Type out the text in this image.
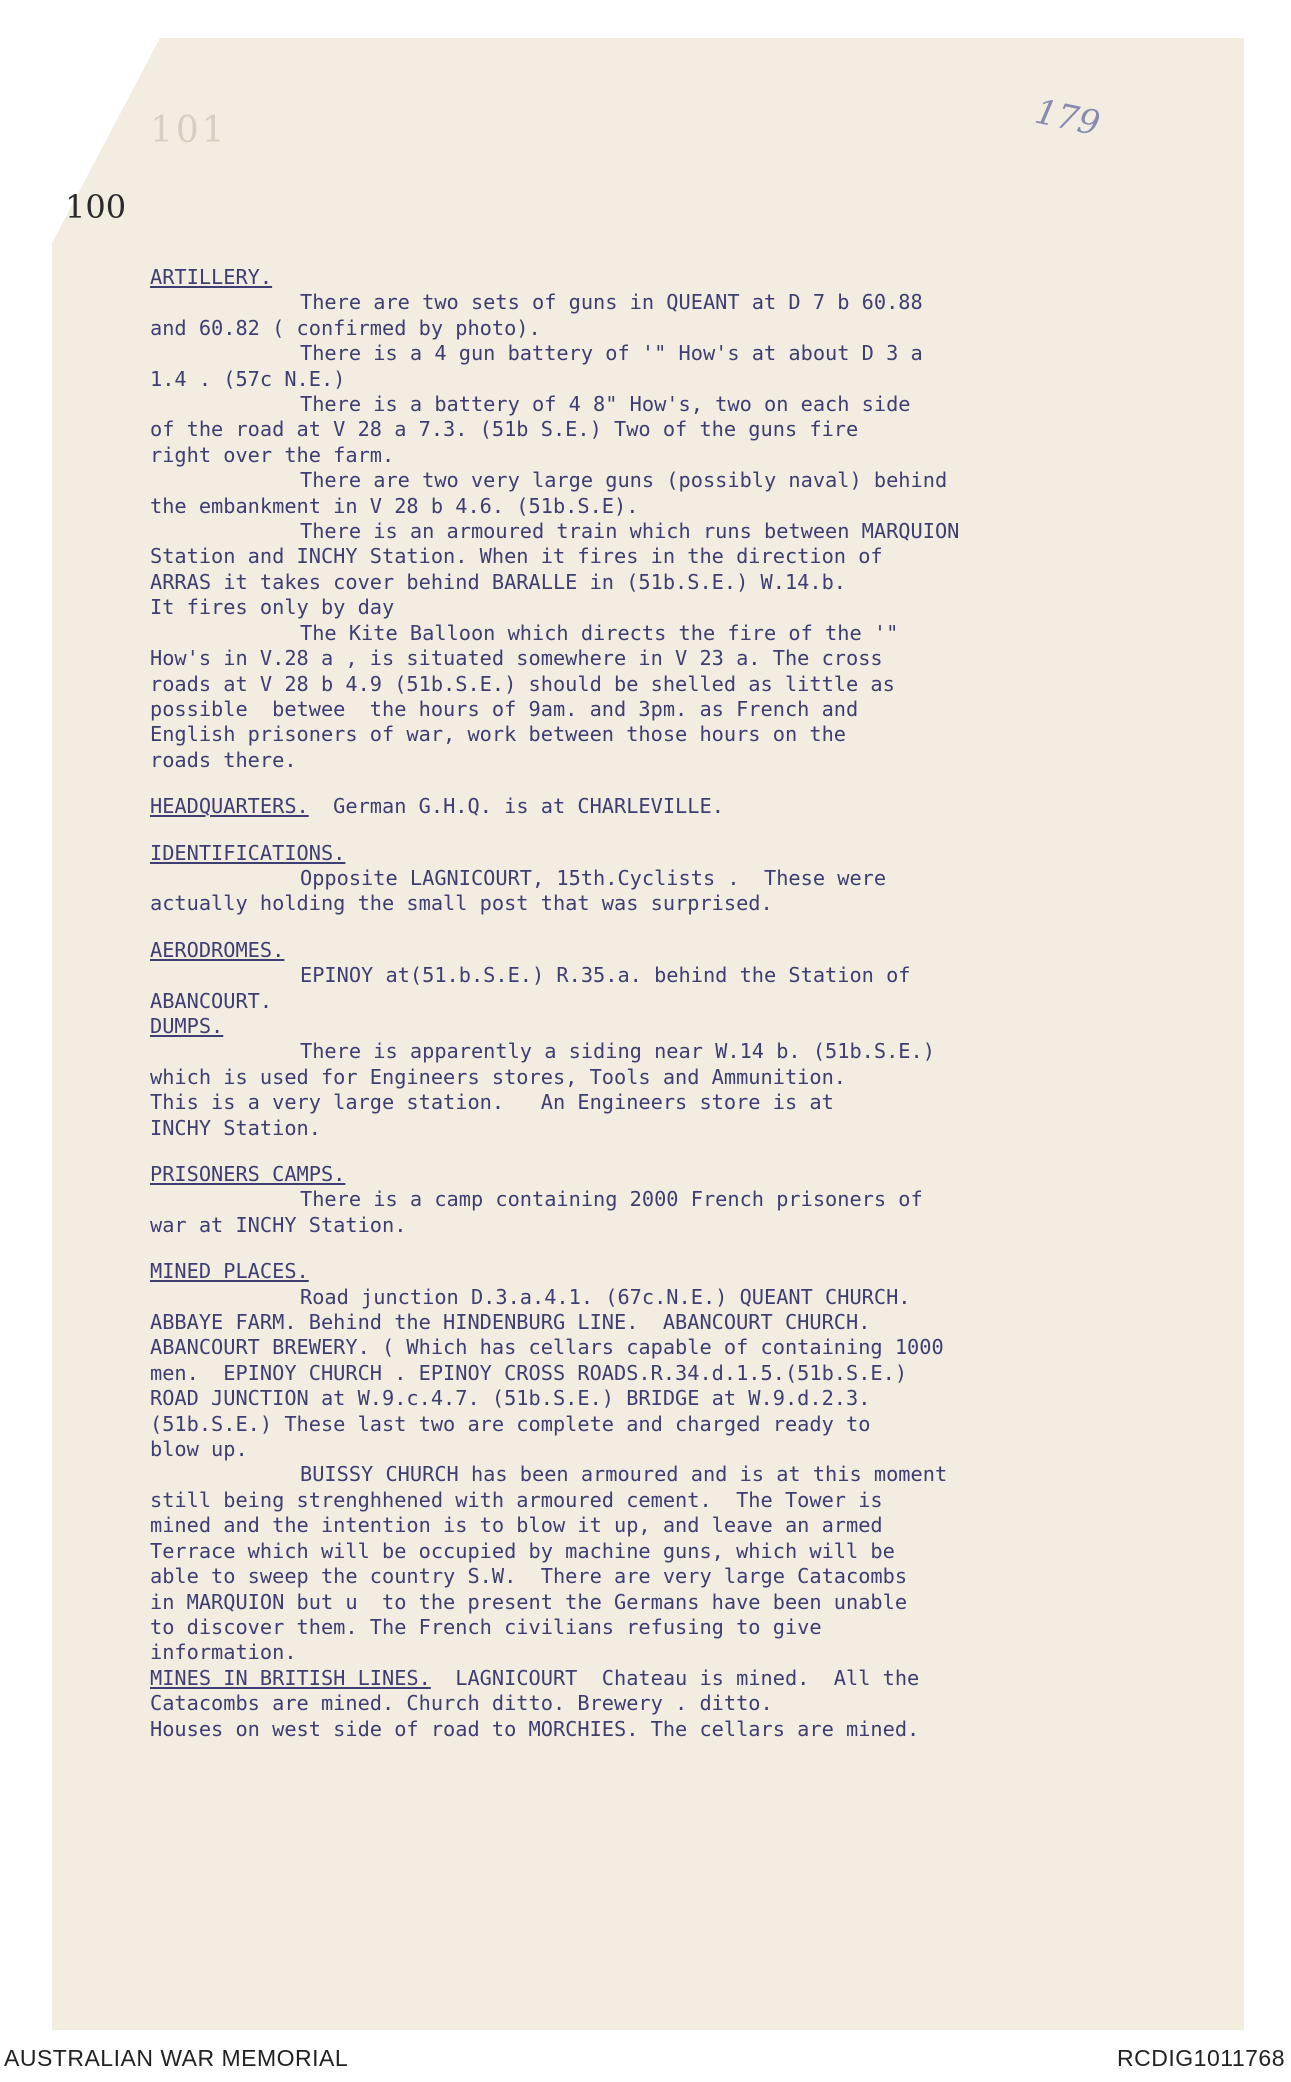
101	179
100

ARTILLERY.

There are two sets of guns in QUEANT at D 7 b 60.88

and 60.82 ( confirmed by photo).

There is a 4 gun battery of '" How's at about D 3 a

1.4 . (57c N.E.)

There is a battery of 4 8" How's, two on each side

of the road at V 28 a 7.3. (51b S.E.) Two of the guns fire

right over the farm.

There are two very large guns (possibly naval) behind

the embankment in V 28 b 4.6. (51b.S.E).

There is an armoured train which runs between MARQUION

Station and INCHY Station. When it fires in the direction of

ARRAS it takes cover behind BARALLE in (51b.S.E.) W.14.b.

It fires only by day

The Kite Balloon which directs the fire of the '"

How's in V.28 a , is situated somewhere in V 23 a. The cross

roads at V 28 b 4.9 (51b.S.E.) should be shelled as little as

possible  betwee  the hours of 9am. and 3pm. as French and

English prisoners of war, work between those hours on the

roads there.

HEADQUARTERS. German G.H.Q. is at CHARLEVILLE.

IDENTIFICATIONS.

Opposite LAGNICOURT, 15th.Cyclists .  These were

actually holding the small post that was surprised.

AERODROMES.

EPINOY at(51.b.S.E.) R.35.a. behind the Station of

ABANCOURT.

DUMPS.

There is apparently a siding near W.14 b. (51b.S.E.)

which is used for Engineers stores, Tools and Ammunition.

This is a very large station.   An Engineers store is at

INCHY Station.

PRISONERS CAMPS.

There is a camp containing 2000 French prisoners of

war at INCHY Station.

MINED PLACES.

Road junction D.3.a.4.1. (67c.N.E.) QUEANT CHURCH.

ABBAYE FARM. Behind the HINDENBURG LINE.  ABANCOURT CHURCH.

ABANCOURT BREWERY. ( Which has cellars capable of containing 1000

men.  EPINOY CHURCH . EPINOY CROSS ROADS.R.34.d.1.5.(51b.S.E.)

ROAD JUNCTION at W.9.c.4.7. (51b.S.E.) BRIDGE at W.9.d.2.3.

(51b.S.E.) These last two are complete and charged ready to

blow up.

BUISSY CHURCH has been armoured and is at this moment

still being strenghhened with armoured cement.  The Tower is

mined and the intention is to blow it up, and leave an armed

Terrace which will be occupied by machine guns, which will be

able to sweep the country S.W.  There are very large Catacombs

in MARQUION but u  to the present the Germans have been unable

to discover them. The French civilians refusing to give

information.

MINES IN BRITISH LINES. LAGNICOURT  Chateau is mined.  All the

Catacombs are mined. Church ditto. Brewery . ditto.

Houses on west side of road to MORCHIES. The cellars are mined.

AUSTRALIAN WAR MEMORIAL	RCDIG1011768
